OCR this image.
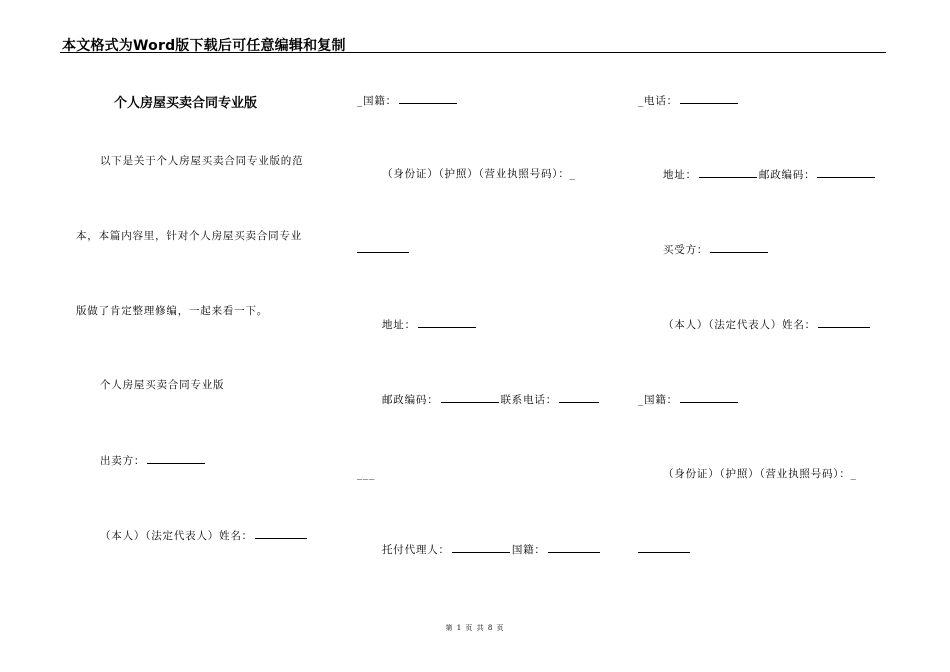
本文格式为Word版下载后可任意编辑和复制
个人房屋买卖合同专业版
以下是关于个人房屋买卖合同专业版的范
本，本篇内容里，针对个人房屋买卖合同专业
版做了肯定整理修编，一起来看一下。
个人房屋买卖合同专业版
出卖方：
（本人）（法定代表人）姓名：
_国籍：
（身份证）（护照）（营业执照号码）：_
地址：
邮政编码：	联系电话：
___
托付代理人：	国籍：
_电话：
地址：	邮政编码：
买受方：
（本人）（法定代表人）姓名：
_国籍：
（身份证）（护照）（营业执照号码）：_
第 1 页 共 8 页
